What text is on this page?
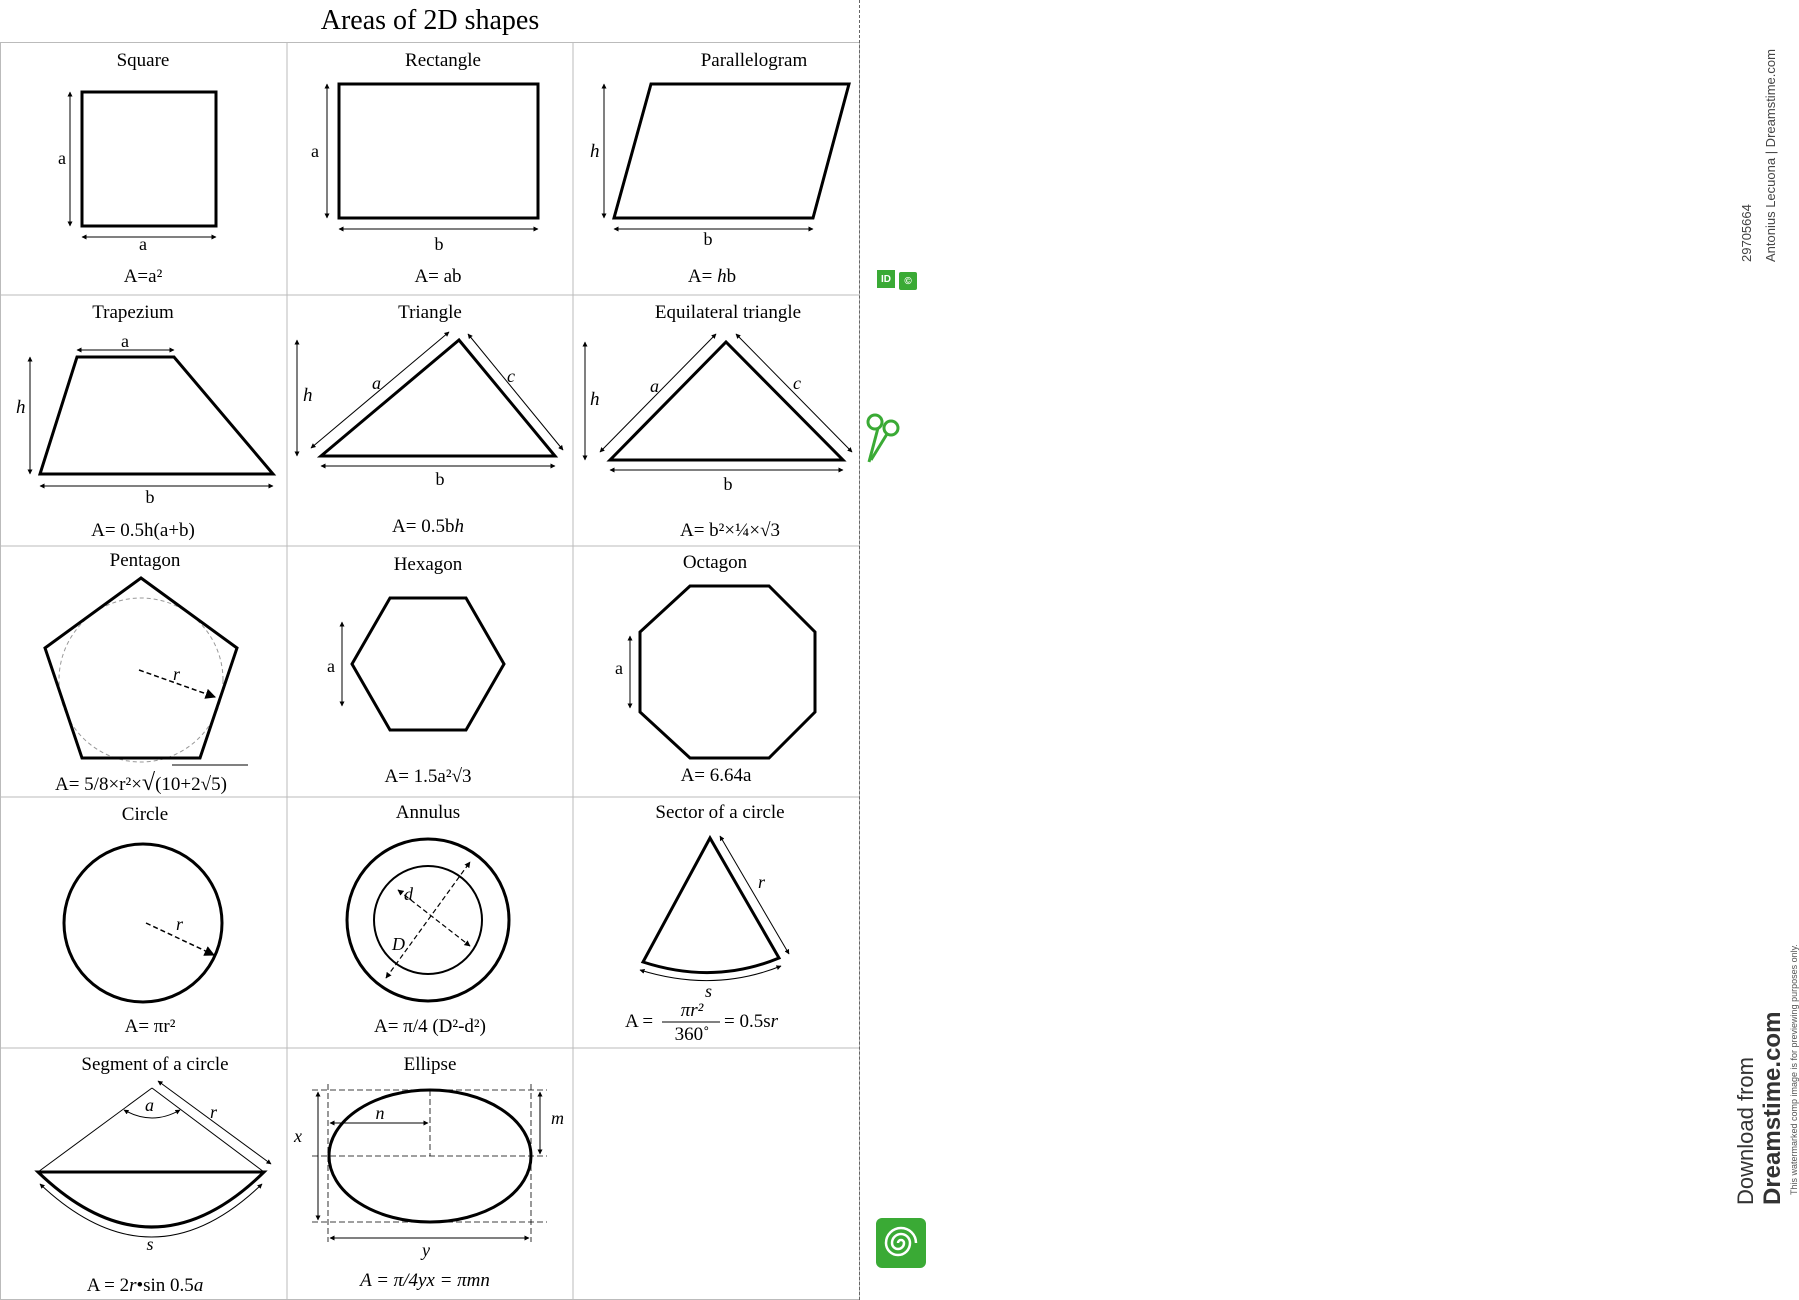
Areas of 2D shapes
Square
a
a
A=a²
Rectangle
a
b
A= ab
Parallelogram
h
b
A= hb
Trapezium
a
h
b
A= 0.5h(a+b)
Triangle
h
a	c
b
A= 0.5bh
Equilateral triangle
h
a	c
b
A= b²×¼×√3
Pentagon
r
A= 5/8×r²×√(10+2√5)
Hexagon
a
A= 1.5a²√3
Octagon
a
A= 6.64a
Circle
r
A= πr²
Annulus
d
D
A= π/4 (D²-d²)
Sector of a circle
r
s
A =
πr²
360˚
= 0.5sr
Segment of a circle
a	r
s
A = 2r•sin 0.5a
Ellipse
n	m
x
y
A = π/4yx = πmn
ID
29705664
©
Antonius Lecuona | Dreamstime.com
This watermarked comp image is for previewing purposes only.
Download from Dreamstime.com
